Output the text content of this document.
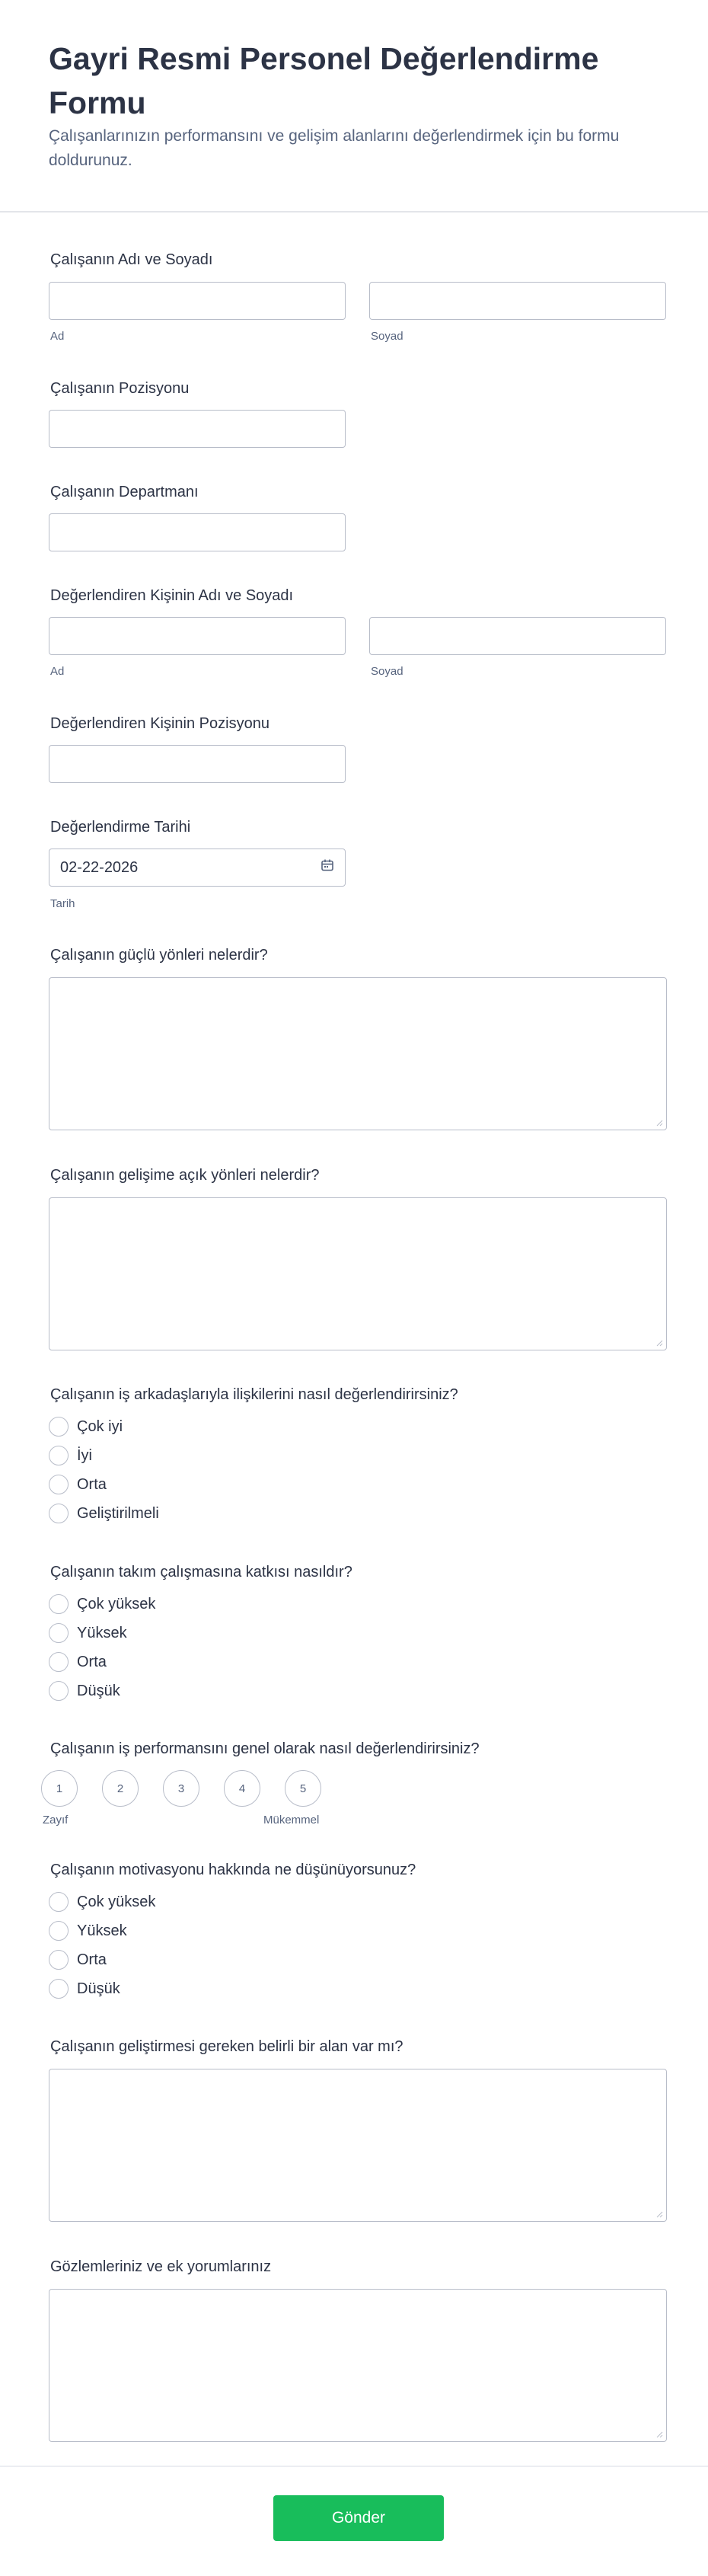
Gayri Resmi Personel Değerlendirme Formu
Çalışanlarınızın performansını ve gelişim alanlarını değerlendirmek için bu formu doldurunuz.
Çalışanın Adı ve Soyadı
Ad	Soyad
Çalışanın Pozisyonu
Çalışanın Departmanı
Değerlendiren Kişinin Adı ve Soyadı
Ad	Soyad
Değerlendiren Kişinin Pozisyonu
Değerlendirme Tarihi
02-22-2026
Tarih
Çalışanın güçlü yönleri nelerdir?
Çalışanın gelişime açık yönleri nelerdir?
Çalışanın iş arkadaşlarıyla ilişkilerini nasıl değerlendirirsiniz?
Çok iyi
İyi
Orta
Geliştirilmeli
Çalışanın takım çalışmasına katkısı nasıldır?
Çok yüksek
Yüksek
Orta
Düşük
Çalışanın iş performansını genel olarak nasıl değerlendirirsiniz?
1	2	3	4	5
Zayıf	Mükemmel
Çalışanın motivasyonu hakkında ne düşünüyorsunuz?
Çok yüksek
Yüksek
Orta
Düşük
Çalışanın geliştirmesi gereken belirli bir alan var mı?
Gözlemleriniz ve ek yorumlarınız
Gönder
